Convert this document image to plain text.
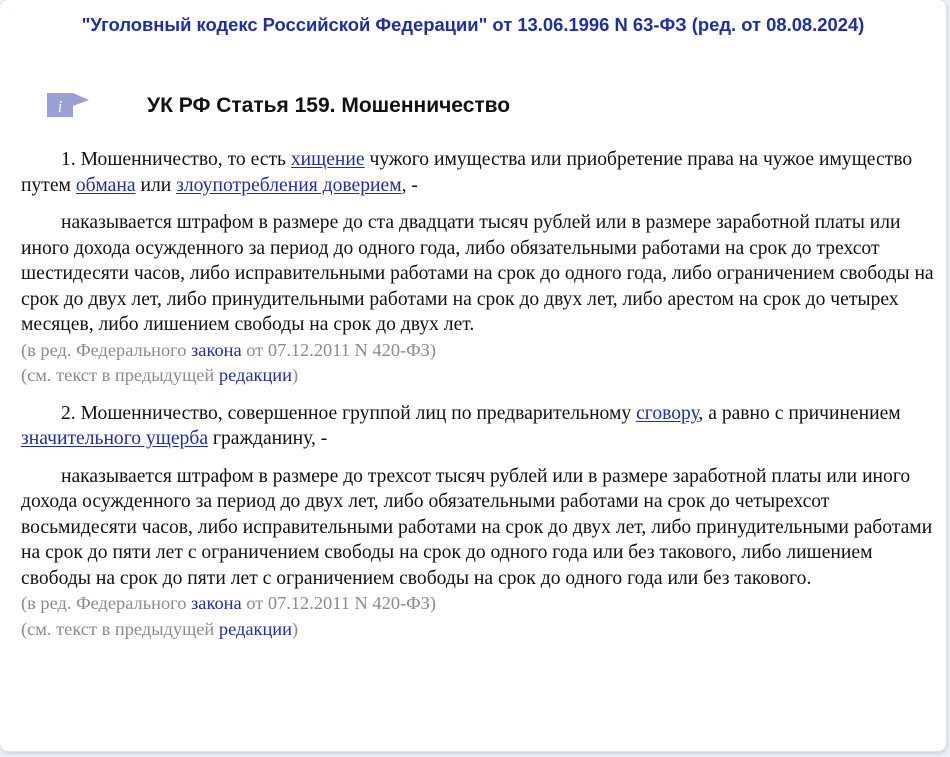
"Уголовный кодекс Российской Федерации" от 13.06.1996 N 63-ФЗ (ред. от 08.08.2024)
i	УК РФ Статья 159. Мошенничество

1. Мошенничество, то есть хищение чужого имущества или приобретение права на чужое имущество путем обмана или злоупотребления доверием, -

наказывается штрафом в размере до ста двадцати тысяч рублей или в размере заработной платы или иного дохода осужденного за период до одного года, либо обязательными работами на срок до трехсот шестидесяти часов, либо исправительными работами на срок до одного года, либо ограничением свободы на срок до двух лет, либо принудительными работами на срок до двух лет, либо арестом на срок до четырех месяцев, либо лишением свободы на срок до двух лет.

(в ред. Федерального закона от 07.12.2011 N 420-ФЗ)

(см. текст в предыдущей редакции)

2. Мошенничество, совершенное группой лиц по предварительному сговору, а равно с причинением значительного ущерба гражданину, -

наказывается штрафом в размере до трехсот тысяч рублей или в размере заработной платы или иного дохода осужденного за период до двух лет, либо обязательными работами на срок до четырехсот восьмидесяти часов, либо исправительными работами на срок до двух лет, либо принудительными работами на срок до пяти лет с ограничением свободы на срок до одного года или без такового, либо лишением свободы на срок до пяти лет с ограничением свободы на срок до одного года или без такового.

(в ред. Федерального закона от 07.12.2011 N 420-ФЗ)

(см. текст в предыдущей редакции)
